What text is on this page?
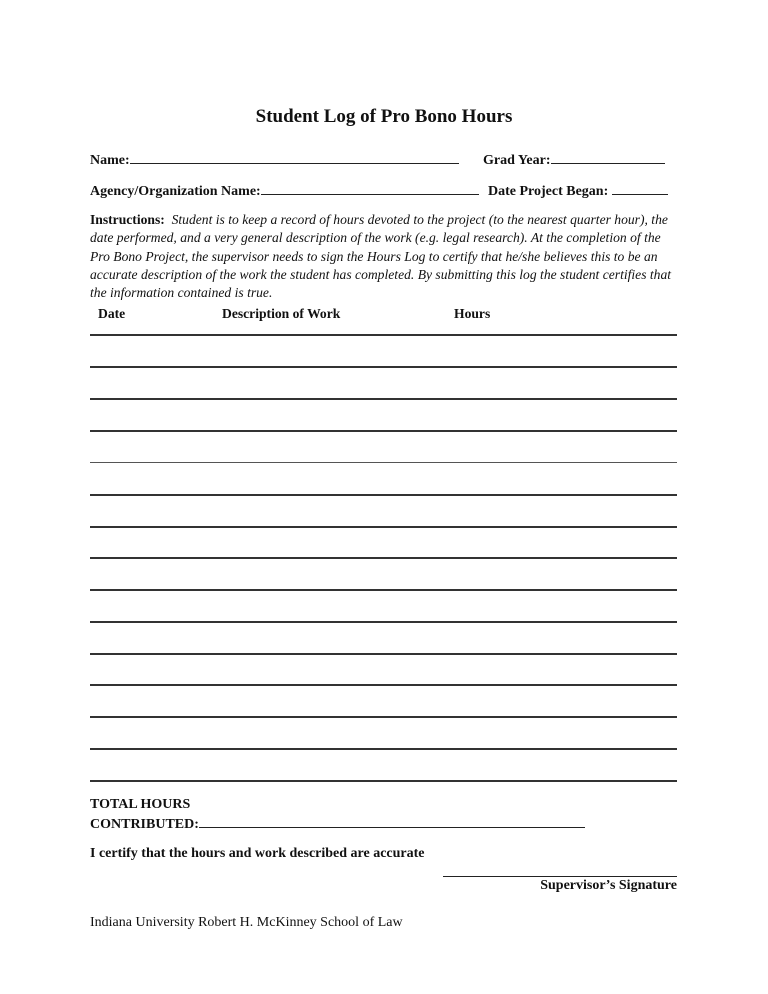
Student Log of Pro Bono Hours
Name:	Grad Year:
Agency/Organization Name:	Date Project Began:
Instructions: Student is to keep a record of hours devoted to the project (to the nearest quarter hour), the date performed, and a very general description of the work (e.g. legal research). At the completion of the Pro Bono Project, the supervisor needs to sign the Hours Log to certify that he/she believes this to be an accurate description of the work the student has completed. By submitting this log the student certifies that the information contained is true.
Date	Description of Work	Hours
TOTAL HOURS
CONTRIBUTED:
I certify that the hours and work described are accurate
Supervisor’s Signature
Indiana University Robert H. McKinney School of Law
